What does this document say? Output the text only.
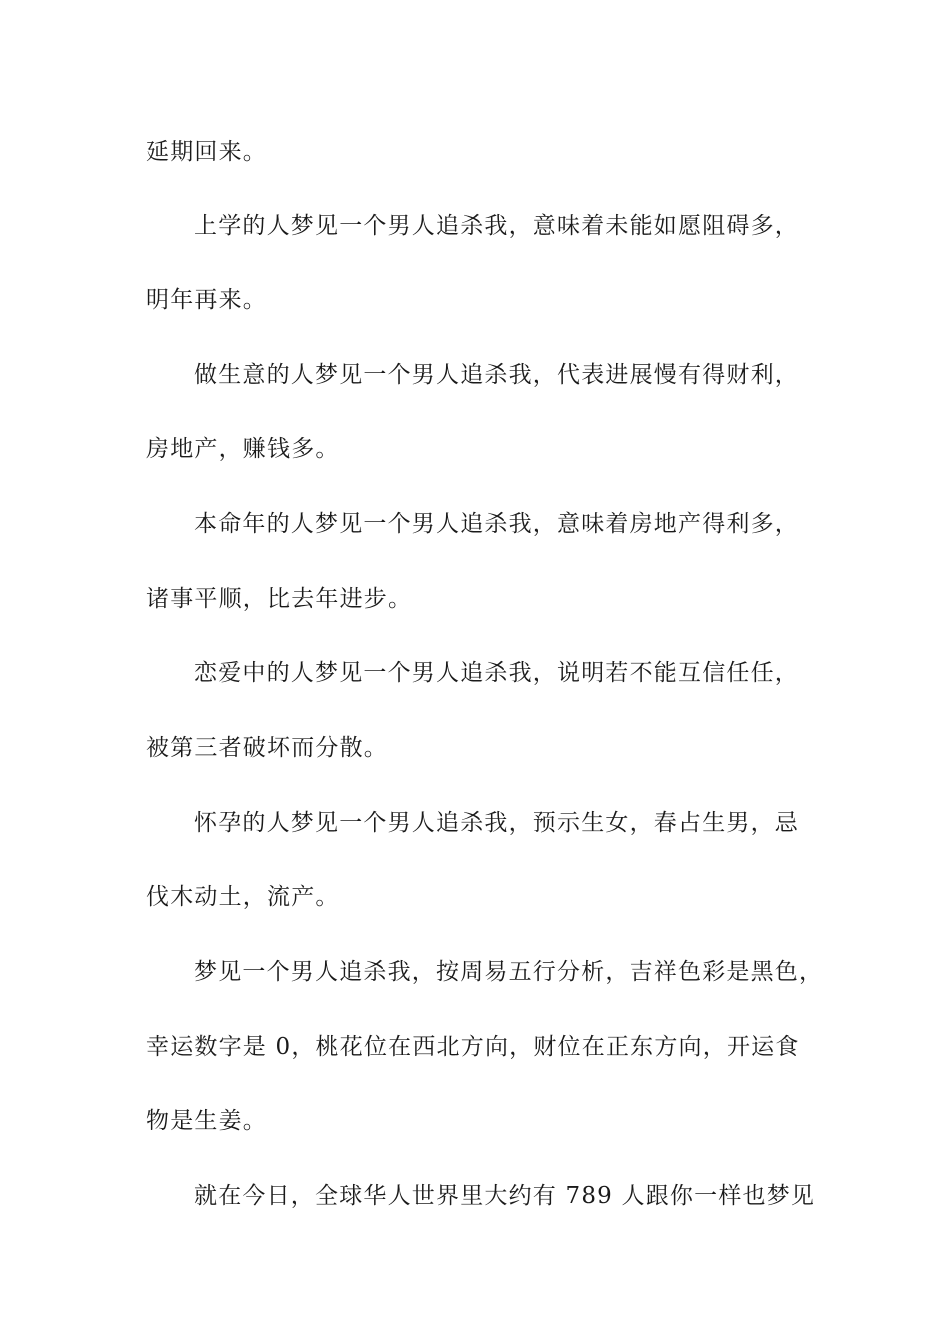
延期回来。
上学的人梦见一个男人追杀我，意味着未能如愿阻碍多，
明年再来。
做生意的人梦见一个男人追杀我，代表进展慢有得财利，
房地产，赚钱多。
本命年的人梦见一个男人追杀我，意味着房地产得利多，
诸事平顺，比去年进步。
恋爱中的人梦见一个男人追杀我，说明若不能互信任任，
被第三者破坏而分散。
怀孕的人梦见一个男人追杀我，预示生女，春占生男，忌
伐木动土，流产。
梦见一个男人追杀我，按周易五行分析，吉祥色彩是黑色，
幸运数字是 0，桃花位在西北方向，财位在正东方向，开运食
物是生姜。
就在今日，全球华人世界里大约有 789 人跟你一样也梦见
